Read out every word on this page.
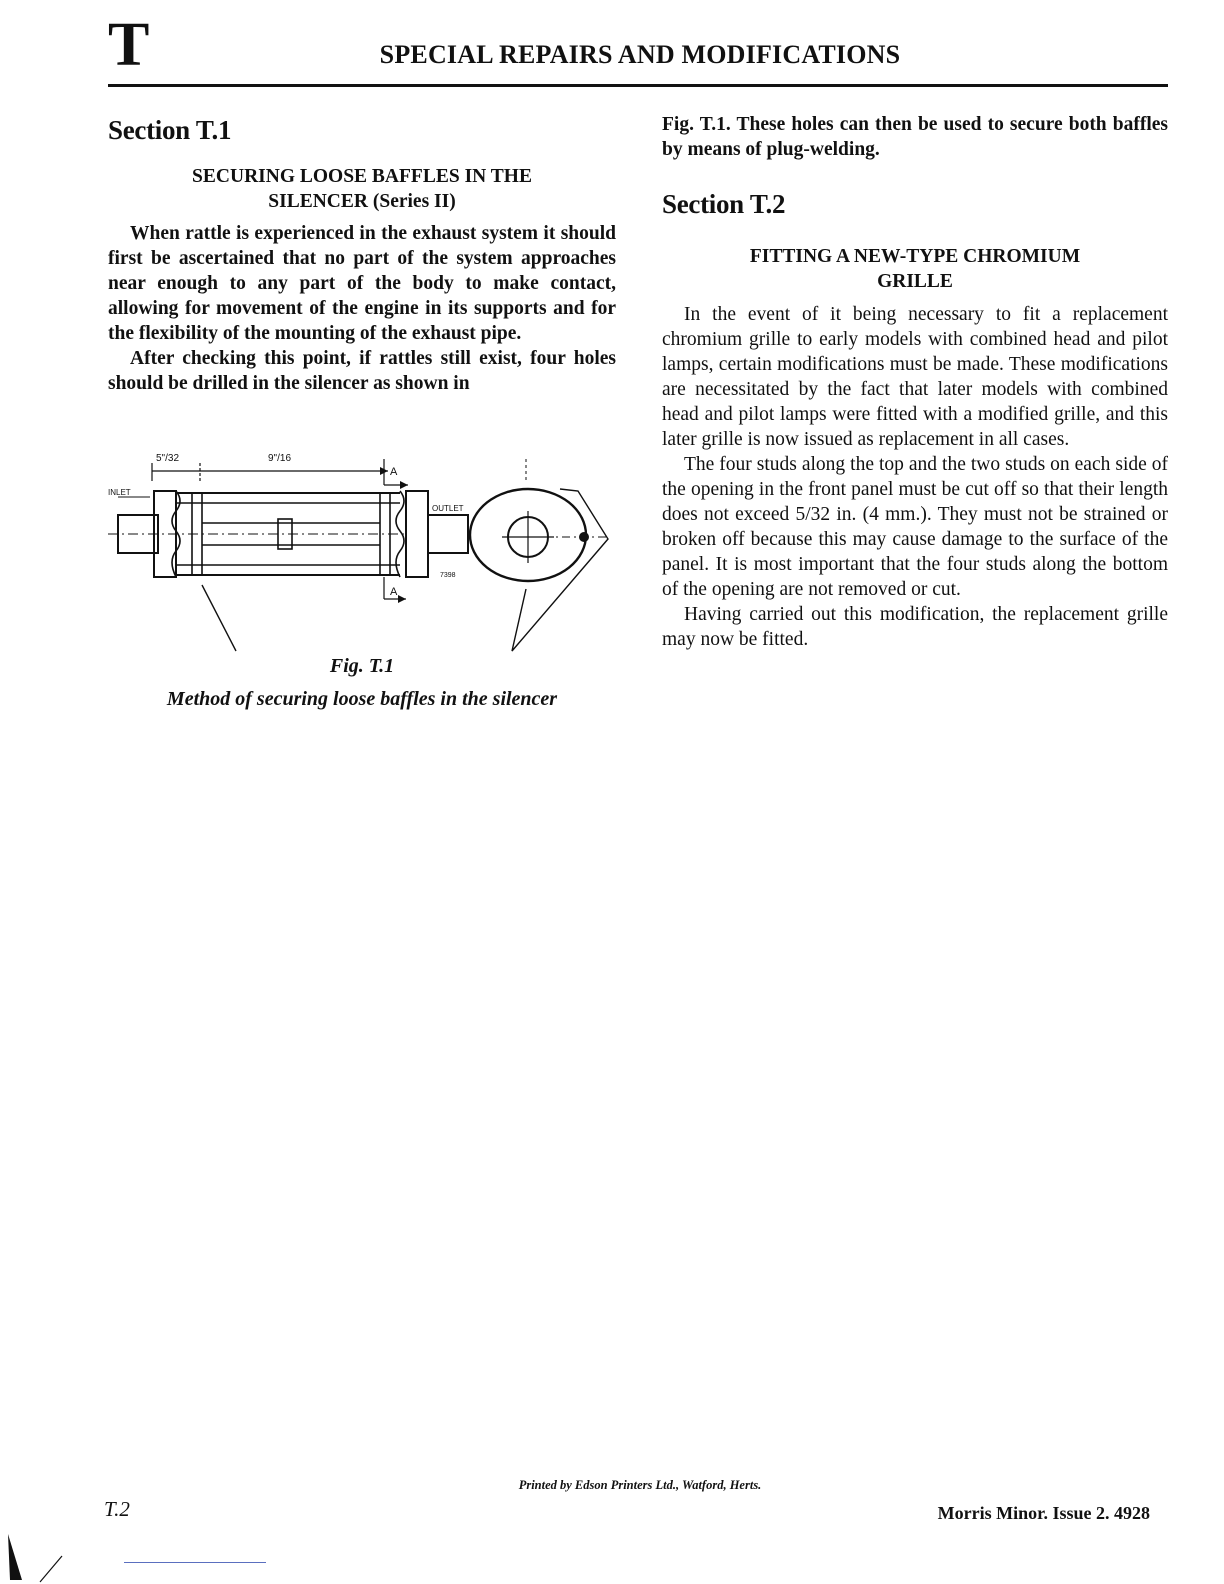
T	SPECIAL REPAIRS AND MODIFICATIONS
Section T.1
SECURING LOOSE BAFFLES IN THE
SILENCER (Series II)

When rattle is experienced in the exhaust system it should first be ascertained that no part of the system approaches near enough to any part of the body to make contact, allowing for movement of the engine in its supports and for the flexibility of the mounting of the exhaust pipe.

After checking this point, if rattles still exist, four holes should be drilled in the silencer as shown in

5"/32	9"/16
A
A
INLET
OUTLET
7398
Fig. T.1
Method of securing loose baffles in the silencer

Fig. T.1. These holes can then be used to secure both baffles by means of plug-welding.

Section T.2
FITTING A NEW-TYPE CHROMIUM
GRILLE

In the event of it being necessary to fit a replacement chromium grille to early models with combined head and pilot lamps, certain modifications must be made. These modifications are necessitated by the fact that later models with combined head and pilot lamps were fitted with a modified grille, and this later grille is now issued as replacement in all cases.

The four studs along the top and the two studs on each side of the opening in the front panel must be cut off so that their length does not exceed 5/32 in. (4 mm.). They must not be strained or broken off because this may cause damage to the surface of the panel. It is most important that the four studs along the bottom of the opening are not removed or cut.

Having carried out this modification, the replacement grille may now be fitted.

Printed by Edson Printers Ltd., Watford, Herts.
T.2	Morris Minor. Issue 2. 4928
